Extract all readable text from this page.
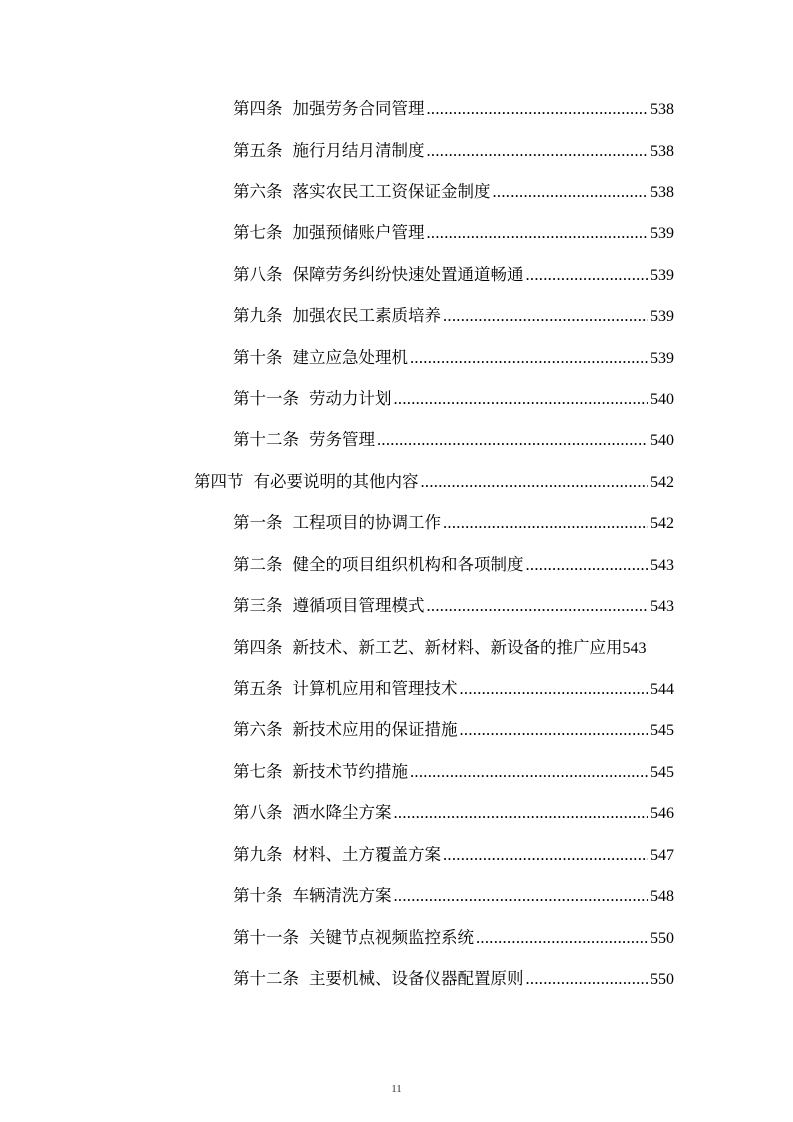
第四条 加强劳务合同管理 .....	538
第五条 施行月结月清制度 .....	538
第六条 落实农民工工资保证金制度 .....	538
第七条 加强预储账户管理 .....	539
第八条 保障劳务纠纷快速处置通道畅通 .....	539
第九条 加强农民工素质培养 .....	539
第十条 建立应急处理机 .....	539
第十一条 劳动力计划 .....	540
第十二条 劳务管理 .....	540
第四节 有必要说明的其他内容 .....	542
第一条 工程项目的协调工作 .....	542
第二条 健全的项目组织机构和各项制度 .....	543
第三条 遵循项目管理模式 .....	543
第四条 新技术、新工艺、新材料、新设备的推广应用 543
第五条 计算机应用和管理技术 .....	544
第六条 新技术应用的保证措施 .....	545
第七条 新技术节约措施 .....	545
第八条 洒水降尘方案 .....	546
第九条 材料、土方覆盖方案 .....	547
第十条 车辆清洗方案 .....	548
第十一条 关键节点视频监控系统 .....	550
第十二条 主要机械、设备仪器配置原则 .....	550
11
